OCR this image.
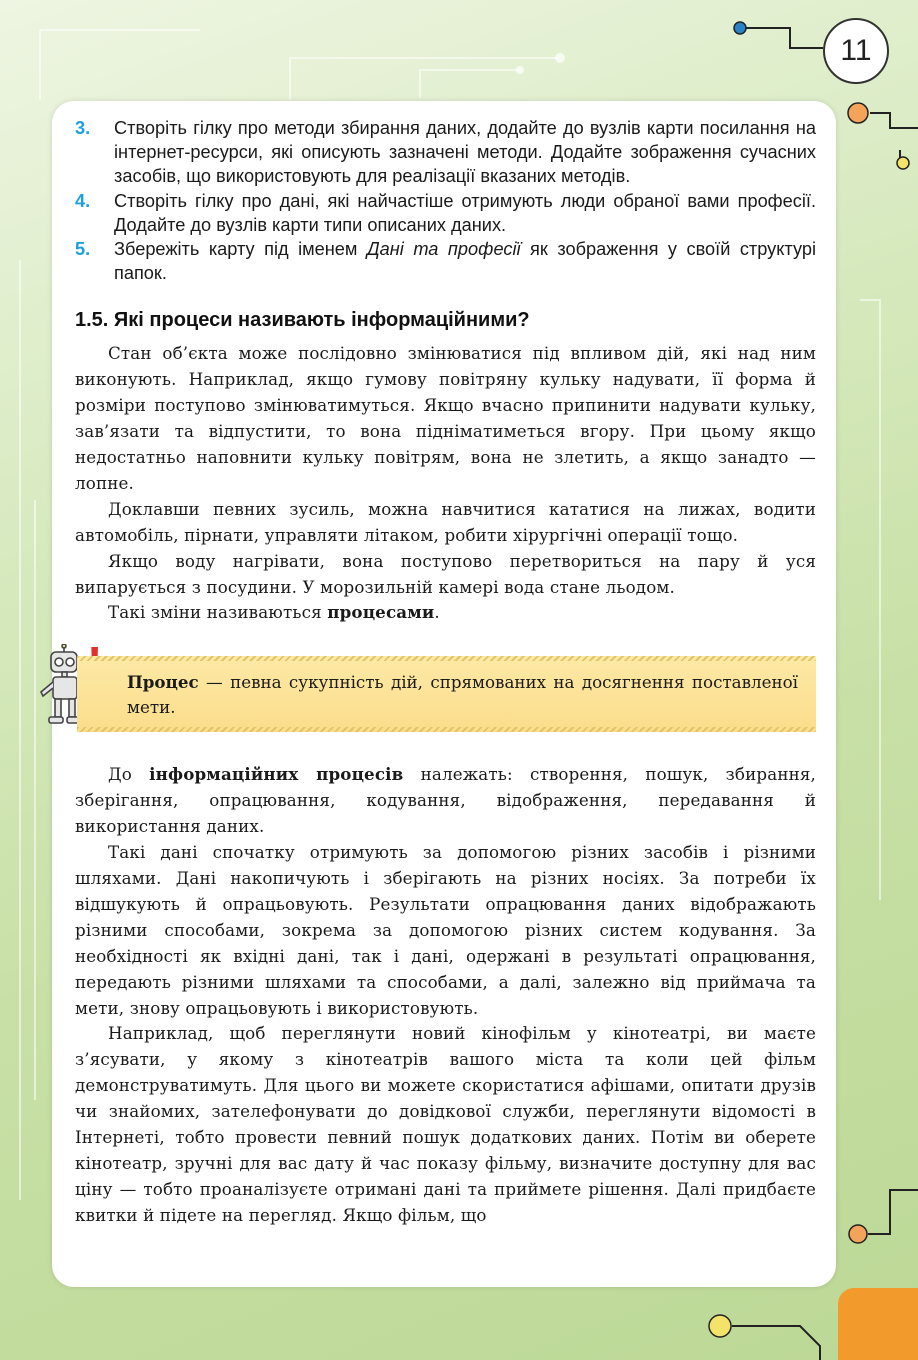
11
3. Створіть гілку про методи збирання даних, додайте до вузлів карти посилання на інтернет-ресурси, які описують зазначені методи. Додайте зображення сучасних засобів, що використовують для реалізації вказаних методів.
4. Створіть гілку про дані, які найчастіше отримують люди обраної вами професії. Додайте до вузлів карти типи описаних даних.
5. Збережіть карту під іменем Дані та професії як зображення у своїй структурі папок.
1.5. Які процеси називають інформаційними?

Стан об’єкта може послідовно змінюватися під впливом дій, які над ним виконують. Наприклад, якщо гумову повітряну кульку надувати, її форма й розміри поступово змінюватимуться. Якщо вчасно припинити надувати кульку, зав’язати та відпустити, то вона підніматиметься вгору. При цьому якщо недостатньо наповнити кульку повітрям, вона не злетить, а якщо занадто — лопне.

Доклавши певних зусиль, можна навчитися кататися на лижах, водити автомобіль, пірнати, управляти літаком, робити хірургічні операції тощо.

Якщо воду нагрівати, вона поступово перетвориться на пару й уся випарується з посудини. У морозильній камері вода стане льодом.

Такі зміни називаються процесами.

Процес — певна сукупність дій, спрямованих на досягнення поставленої мети.

До інформаційних процесів належать: створення, пошук, збирання, зберігання, опрацювання, кодування, відображення, передавання й використання даних.

Такі дані спочатку отримують за допомогою різних засобів і різними шляхами. Дані накопичують і зберігають на різних носіях. За потреби їх відшукують й опрацьовують. Результати опрацювання даних відображають різними способами, зокрема за допомогою різних систем кодування. За необхідності як вхідні дані, так і дані, одержані в результаті опрацювання, передають різними шляхами та способами, а далі, залежно від приймача та мети, знову опрацьовують і використовують.

Наприклад, щоб переглянути новий кінофільм у кінотеатрі, ви маєте з’ясувати, у якому з кінотеатрів вашого міста та коли цей фільм демонструватимуть. Для цього ви можете скористатися афішами, опитати друзів чи знайомих, зателефонувати до довідкової служби, переглянути відомості в Інтернеті, тобто провести певний пошук додаткових даних. Потім ви оберете кінотеатр, зручні для вас дату й час показу фільму, визначите доступну для вас ціну — тобто проаналізуєте отримані дані та приймете рішення. Далі придбаєте квитки й підете на перегляд. Якщо фільм, що
